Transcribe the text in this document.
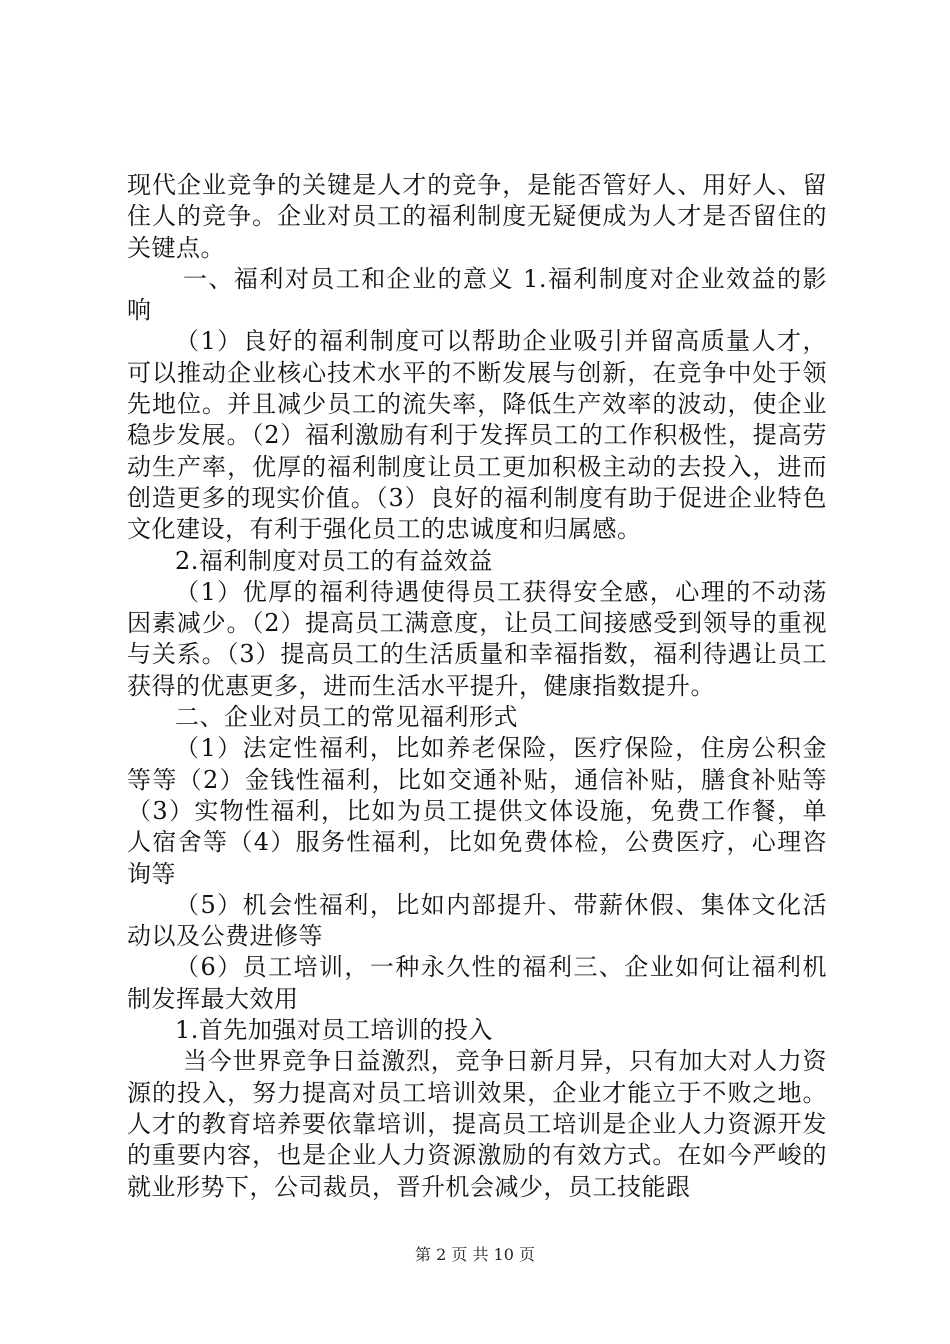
现代企业竞争的关键是人才的竞争，是能否管好人、用好人、留住人的竞争。企业对员工的福利制度无疑便成为人才是否留住的关键点。

一、福利对员工和企业的意义 1.福利制度对企业效益的影响

（1）良好的福利制度可以帮助企业吸引并留高质量人才，可以推动企业核心技术水平的不断发展与创新，在竞争中处于领先地位。并且减少员工的流失率，降低生产效率的波动，使企业稳步发展。（2）福利激励有利于发挥员工的工作积极性，提高劳动生产率，优厚的福利制度让员工更加积极主动的去投入，进而创造更多的现实价值。（3）良好的福利制度有助于促进企业特色文化建设，有利于强化员工的忠诚度和归属感。

2.福利制度对员工的有益效益

（1）优厚的福利待遇使得员工获得安全感，心理的不动荡因素减少。（2）提高员工满意度，让员工间接感受到领导的重视与关系。（3）提高员工的生活质量和幸福指数，福利待遇让员工获得的优惠更多，进而生活水平提升，健康指数提升。

二、企业对员工的常见福利形式

（1）法定性福利，比如养老保险，医疗保险，住房公积金等等（2）金钱性福利，比如交通补贴，通信补贴，膳食补贴等（3）实物性福利，比如为员工提供文体设施，免费工作餐，单人宿舍等（4）服务性福利，比如免费体检，公费医疗，心理咨询等

（5）机会性福利，比如内部提升、带薪休假、集体文化活动以及公费进修等

（6）员工培训，一种永久性的福利三、企业如何让福利机制发挥最大效用

1.首先加强对员工培训的投入

当今世界竞争日益激烈，竞争日新月异，只有加大对人力资源的投入，努力提高对员工培训效果，企业才能立于不败之地。人才的教育培养要依靠培训，提高员工培训是企业人力资源开发的重要内容，也是企业人力资源激励的有效方式。在如今严峻的就业形势下，公司裁员，晋升机会减少，员工技能跟

第 2 页 共 10 页
